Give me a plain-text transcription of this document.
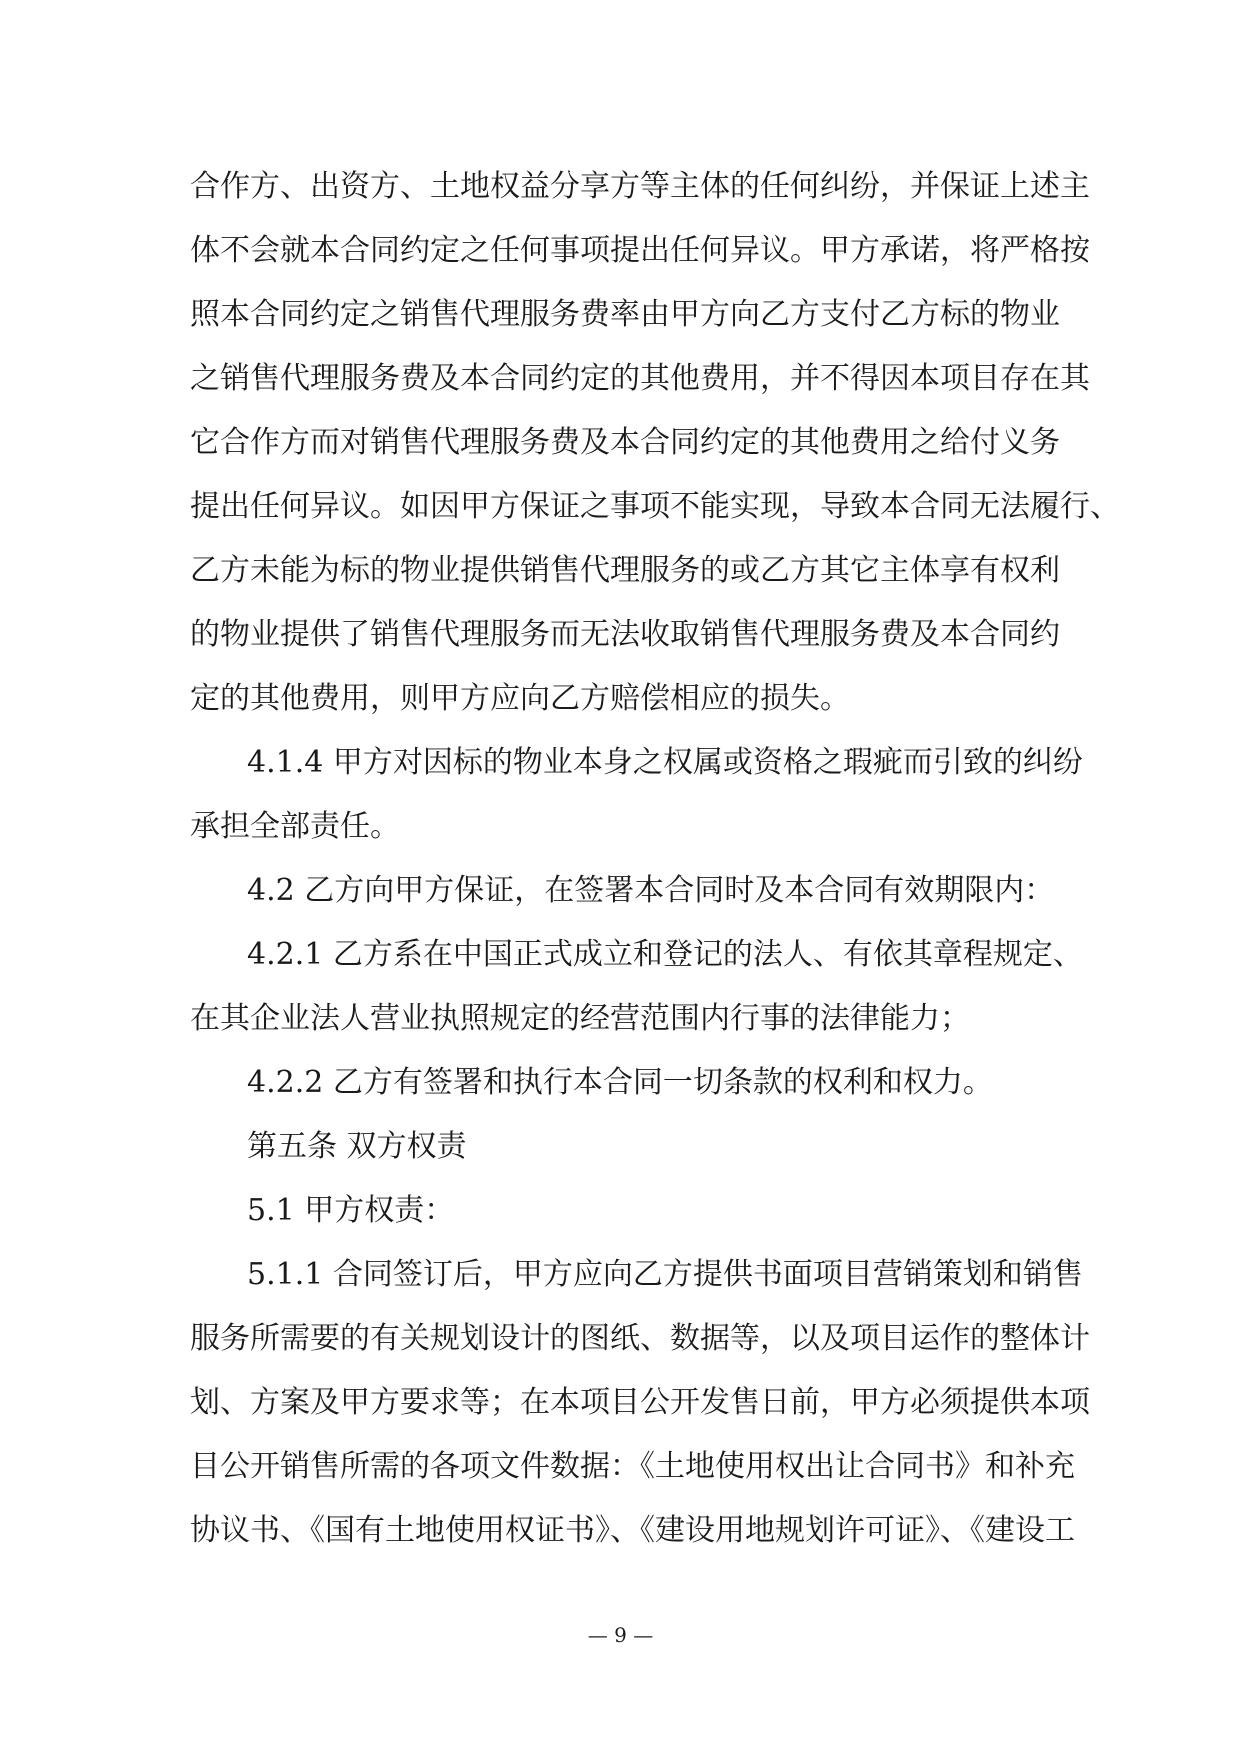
合作方、出资方、土地权益分享方等主体的任何纠纷，并保证上述主
体不会就本合同约定之任何事项提出任何异议。甲方承诺，将严格按
照本合同约定之销售代理服务费率由甲方向乙方支付乙方标的物业
之销售代理服务费及本合同约定的其他费用，并不得因本项目存在其
它合作方而对销售代理服务费及本合同约定的其他费用之给付义务
提出任何异议。如因甲方保证之事项不能实现，导致本合同无法履行、
乙方未能为标的物业提供销售代理服务的或乙方其它主体享有权利
的物业提供了销售代理服务而无法收取销售代理服务费及本合同约
定的其他费用，则甲方应向乙方赔偿相应的损失。
4.1.4 甲方对因标的物业本身之权属或资格之瑕疵而引致的纠纷
承担全部责任。
4.2 乙方向甲方保证，在签署本合同时及本合同有效期限内：
4.2.1 乙方系在中国正式成立和登记的法人、有依其章程规定、
在其企业法人营业执照规定的经营范围内行事的法律能力；
4.2.2 乙方有签署和执行本合同一切条款的权利和权力。
第五条 双方权责
5.1 甲方权责：
5.1.1 合同签订后，甲方应向乙方提供书面项目营销策划和销售
服务所需要的有关规划设计的图纸、数据等，以及项目运作的整体计
划、方案及甲方要求等；在本项目公开发售日前，甲方必须提供本项
目公开销售所需的各项文件数据：《土地使用权出让合同书》和补充
协议书、《国有土地使用权证书》、《建设用地规划许可证》、《建设工
— 9 —
